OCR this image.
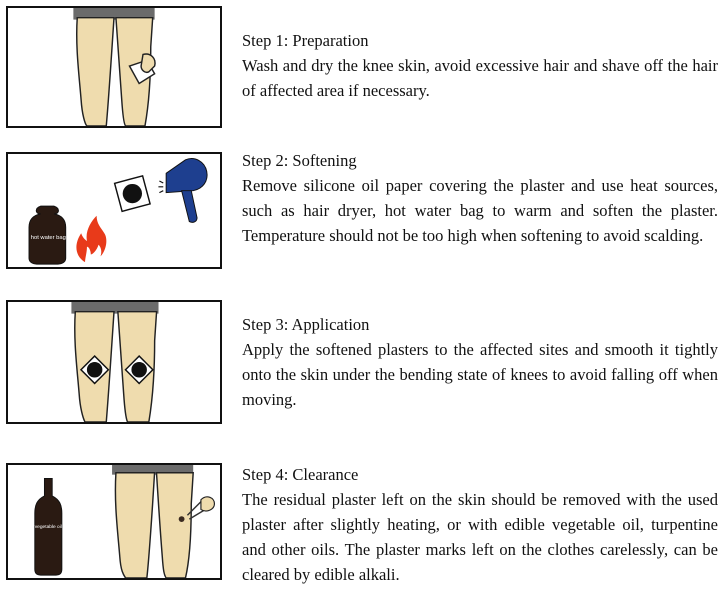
Step 1: Preparation
Wash and dry the knee skin, avoid excessive hair and shave off the hair of affected area if necessary.
hot water bag
Step 2: Softening
Remove silicone oil paper covering the plaster and use heat sources, such as hair dryer, hot water bag to warm and soften the plaster. Temperature should not be too high when softening to avoid scalding.
Step 3: Application
Apply the softened plasters to the affected sites and smooth it tightly onto the skin under the bending state of knees to avoid falling off when moving.
vegetable oil
Step 4: Clearance
The residual plaster left on the skin should be removed with the used plaster after slightly heating, or with edible vegetable oil, turpentine and other oils. The plaster marks left on the clothes carelessly, can be cleared by edible alkali.
